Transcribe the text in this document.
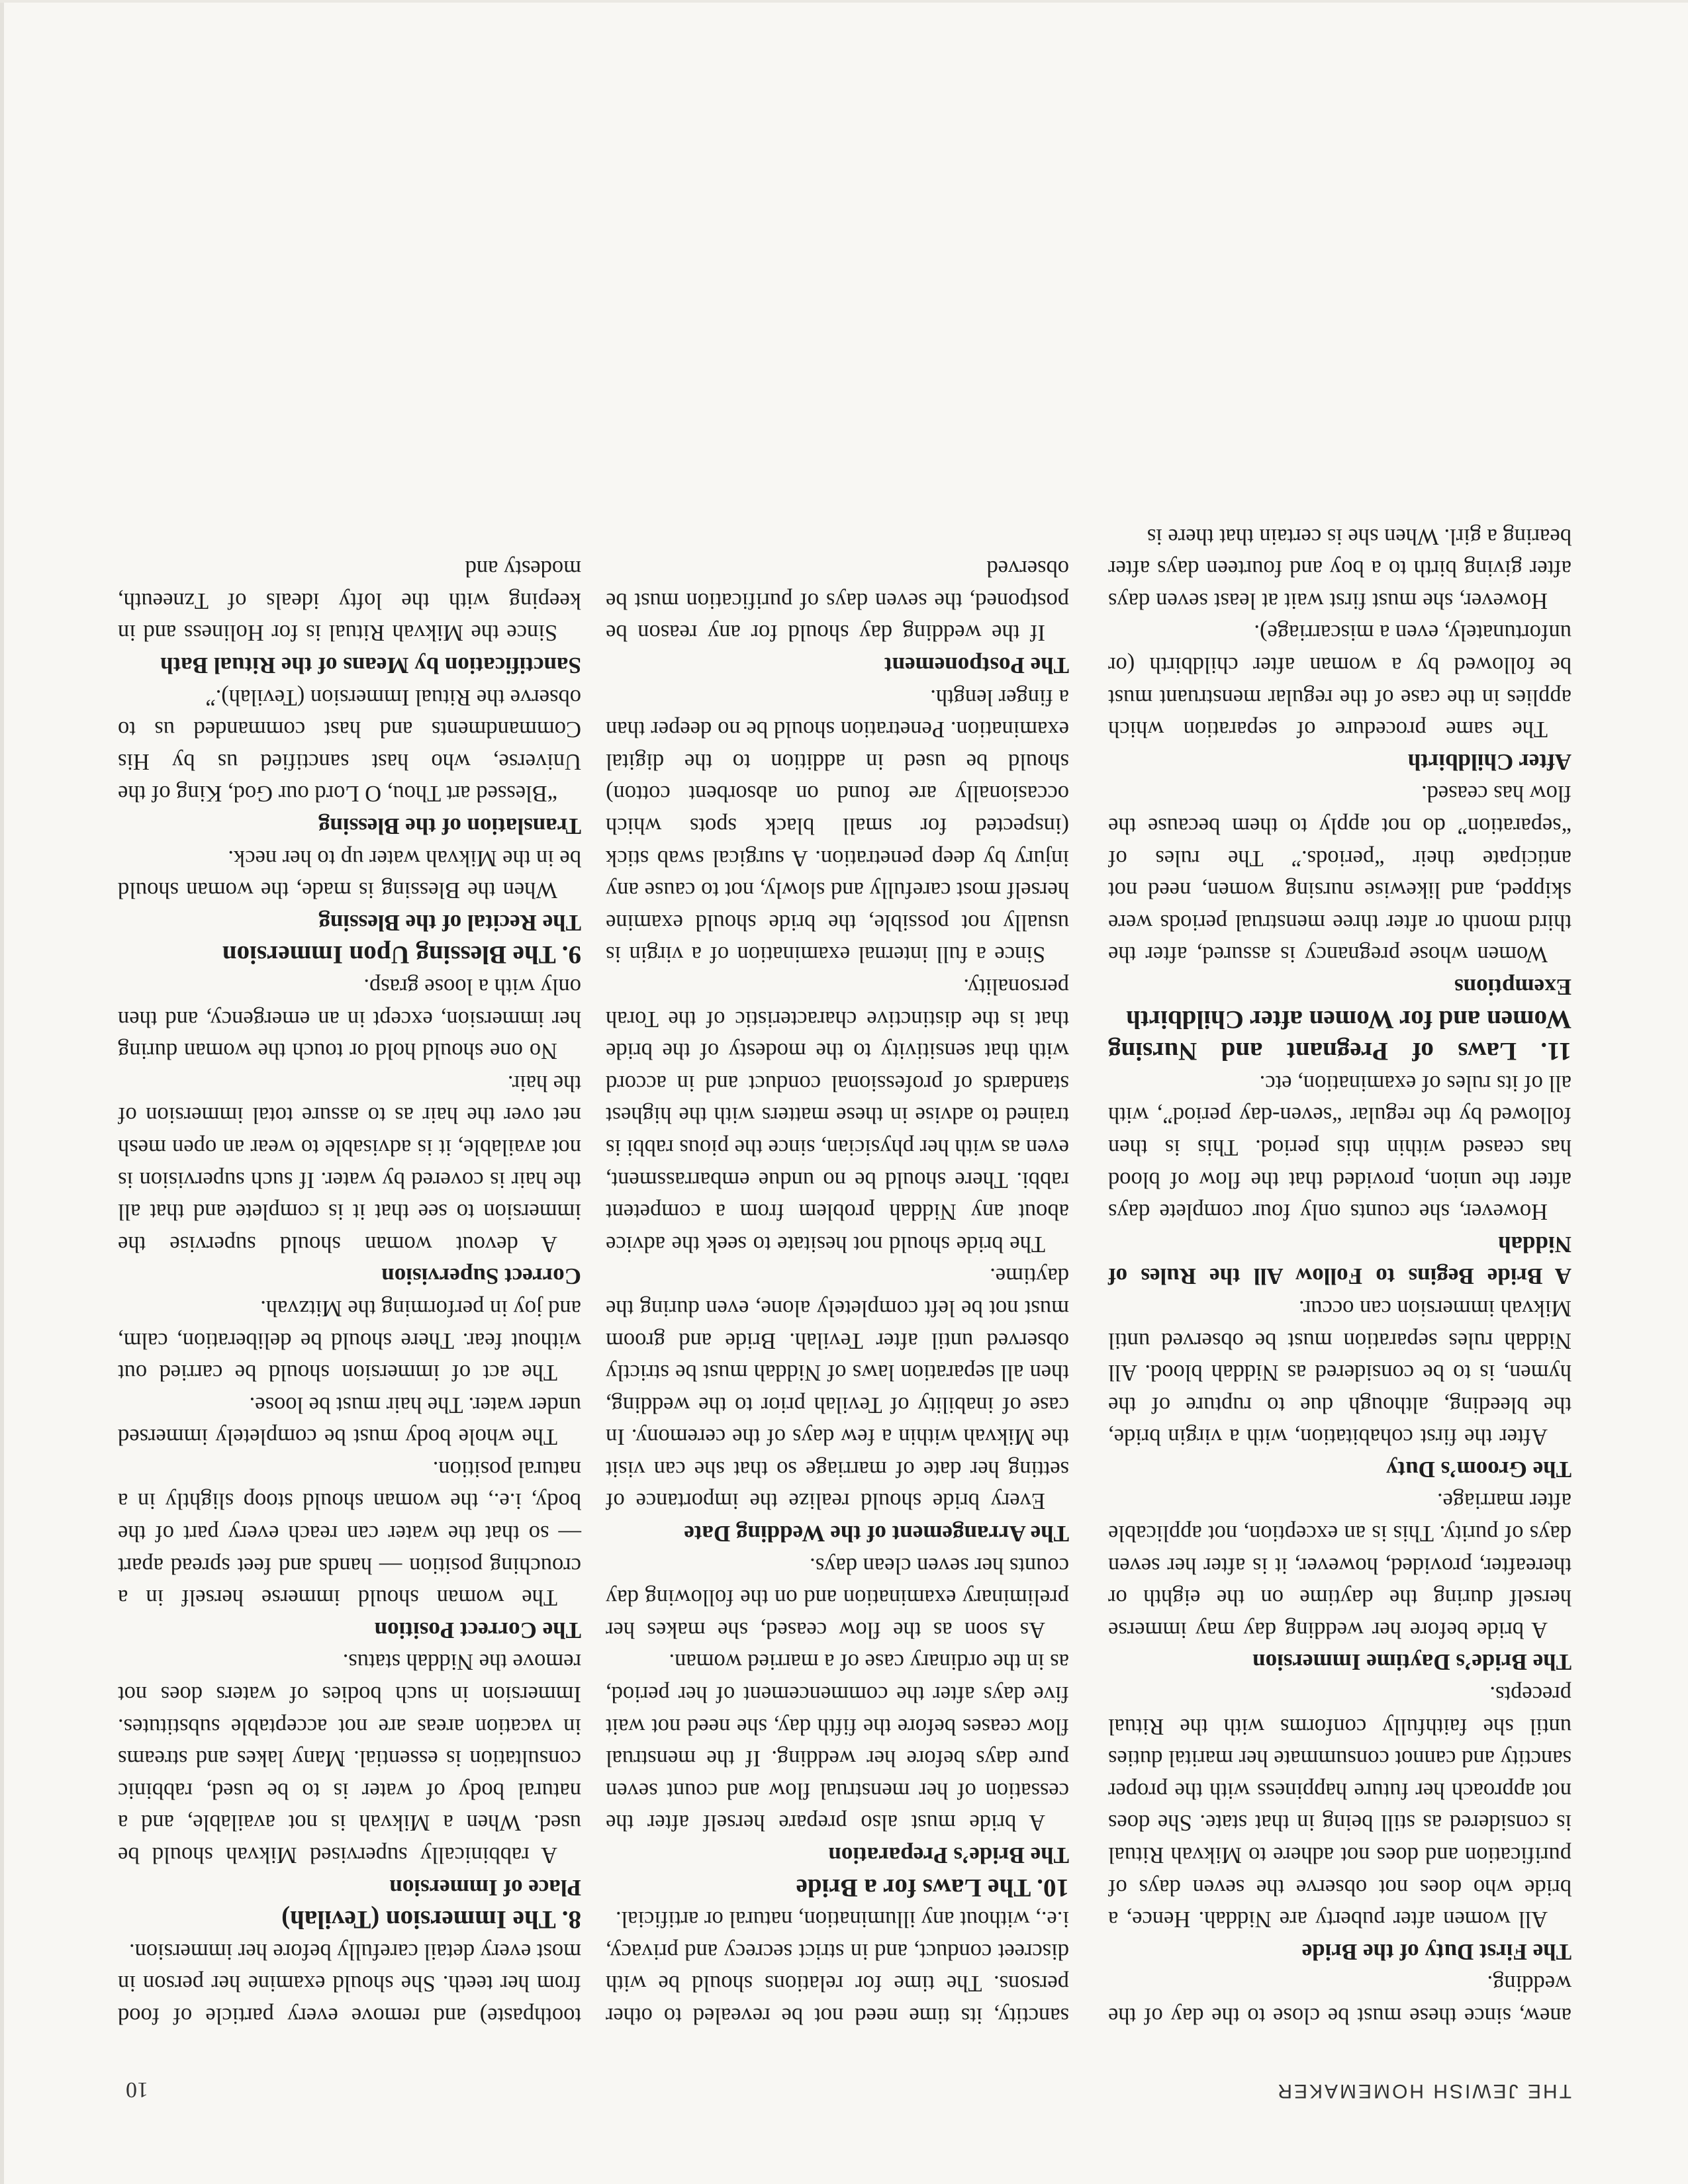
THE JEWISH HOMEMAKER
10

anew, since these must be close to the day of the wedding.

The First Duty of the Bride

All women after puberty are Niddah. Hence, a bride who does not observe the seven days of purification and does not adhere to Mikvah Ritual is considered as still being in that state. She does not approach her future happiness with the proper sanctity and cannot consummate her marital duties until she faithfully conforms with the Ritual precepts.

The Bride’s Daytime Immersion

A bride before her wedding day may immerse herself during the daytime on the eighth or thereafter, provided, however, it is after her seven days of purity. This is an exception, not applicable after marriage.

The Groom’s Duty

After the first cohabitation, with a virgin bride, the bleeding, although due to rupture of the hymen, is to be considered as Niddah blood. All Niddah rules separation must be observed until Mikvah immersion can occur.

A Bride Begins to Follow All the Rules of Niddah

However, she counts only four complete days after the union, provided that the flow of blood has ceased within this period. This is then followed by the regular “seven-day period”, with all of its rules of examination, etc.

11. Laws of Pregnant and Nursing Women and for Women after Childbirth
Exemptions

Women whose pregnancy is assured, after the third month or after three menstrual periods were skipped, and likewise nursing women, need not anticipate their “periods.” The rules of “separation” do not apply to them because the flow has ceased.

After Childbirth

The same procedure of separation which applies in the case of the regular menstruant must be followed by a woman after childbirth (or unfortunately, even a miscarriage).

However, she must first wait at least seven days after giving birth to a boy and fourteen days after bearing a girl. When she is certain that there is

sanctity, its time need not be revealed to other persons. The time for relations should be with discreet conduct, and in strict secrecy and privacy, i.e., without any illumination, natural or artificial.

10. The Laws for a Bride
The Bride’s Preparation

A bride must also prepare herself after the cessation of her menstrual flow and count seven pure days before her wedding. If the menstrual flow ceases before the fifth day, she need not wait five days after the commencement of her period, as in the ordinary case of a married woman.

As soon as the flow ceased, she makes her preliminary examination and on the following day counts her seven clean days.

The Arrangement of the Wedding Date

Every bride should realize the importance of setting her date of marriage so that she can visit the Mikvah within a few days of the ceremony. In case of inability of Tevilah prior to the wedding, then all separation laws of Niddah must be strictly observed until after Tevilah. Bride and groom must not be left completely alone, even during the daytime.

The bride should not hesitate to seek the advice about any Niddah problem from a competent rabbi. There should be no undue embarrassment, even as with her physician, since the pious rabbi is trained to advise in these matters with the highest standards of professional conduct and in accord with that sensitivity to the modesty of the bride that is the distinctive characteristic of the Torah personality.

Since a full internal examination of a virgin is usually not possible, the bride should examine herself most carefully and slowly, not to cause any injury by deep penetration. A surgical swab stick (inspected for small black spots which occasionally are found on absorbent cotton) should be used in addition to the digital examination. Penetration should be no deeper than a finger length.

The Postponement

If the wedding day should for any reason be postponed, the seven days of purification must be observed

toothpaste) and remove every particle of food from her teeth. She should examine her person in most every detail carefully before her immersion.

8. The Immersion (Tevilah)
Place of Immersion

A rabbinically supervised Mikvah should be used. When a Mikvah is not available, and a natural body of water is to be used, rabbinic consultation is essential. Many lakes and streams in vacation areas are not acceptable substitutes. Immersion in such bodies of waters does not remove the Niddah status.

The Correct Position

The woman should immerse herself in a crouching position — hands and feet spread apart — so that the water can reach every part of the body, i.e., the woman should stoop slightly in a natural position.

The whole body must be completely immersed under water. The hair must be loose.

The act of immersion should be carried out without fear. There should be deliberation, calm, and joy in performing the Mitzvah.

Correct Supervision

A devout woman should supervise the immersion to see that it is complete and that all the hair is covered by water. If such supervision is not available, it is advisable to wear an open mesh net over the hair as to assure total immersion of the hair.

No one should hold or touch the woman during her immersion, except in an emergency, and then only with a loose grasp.

9. The Blessing Upon Immersion
The Recital of the Blessing

When the Blessing is made, the woman should be in the Mikvah water up to her neck.

Translation of the Blessing

“Blessed art Thou, O Lord our God, King of the Universe, who hast sanctified us by His Commandments and hast commanded us to observe the Ritual Immersion (Tevilah).”

Sanctification by Means of the Ritual Bath

Since the Mikvah Ritual is for Holiness and in keeping with the lofty ideals of Tzneeuth, modesty and
